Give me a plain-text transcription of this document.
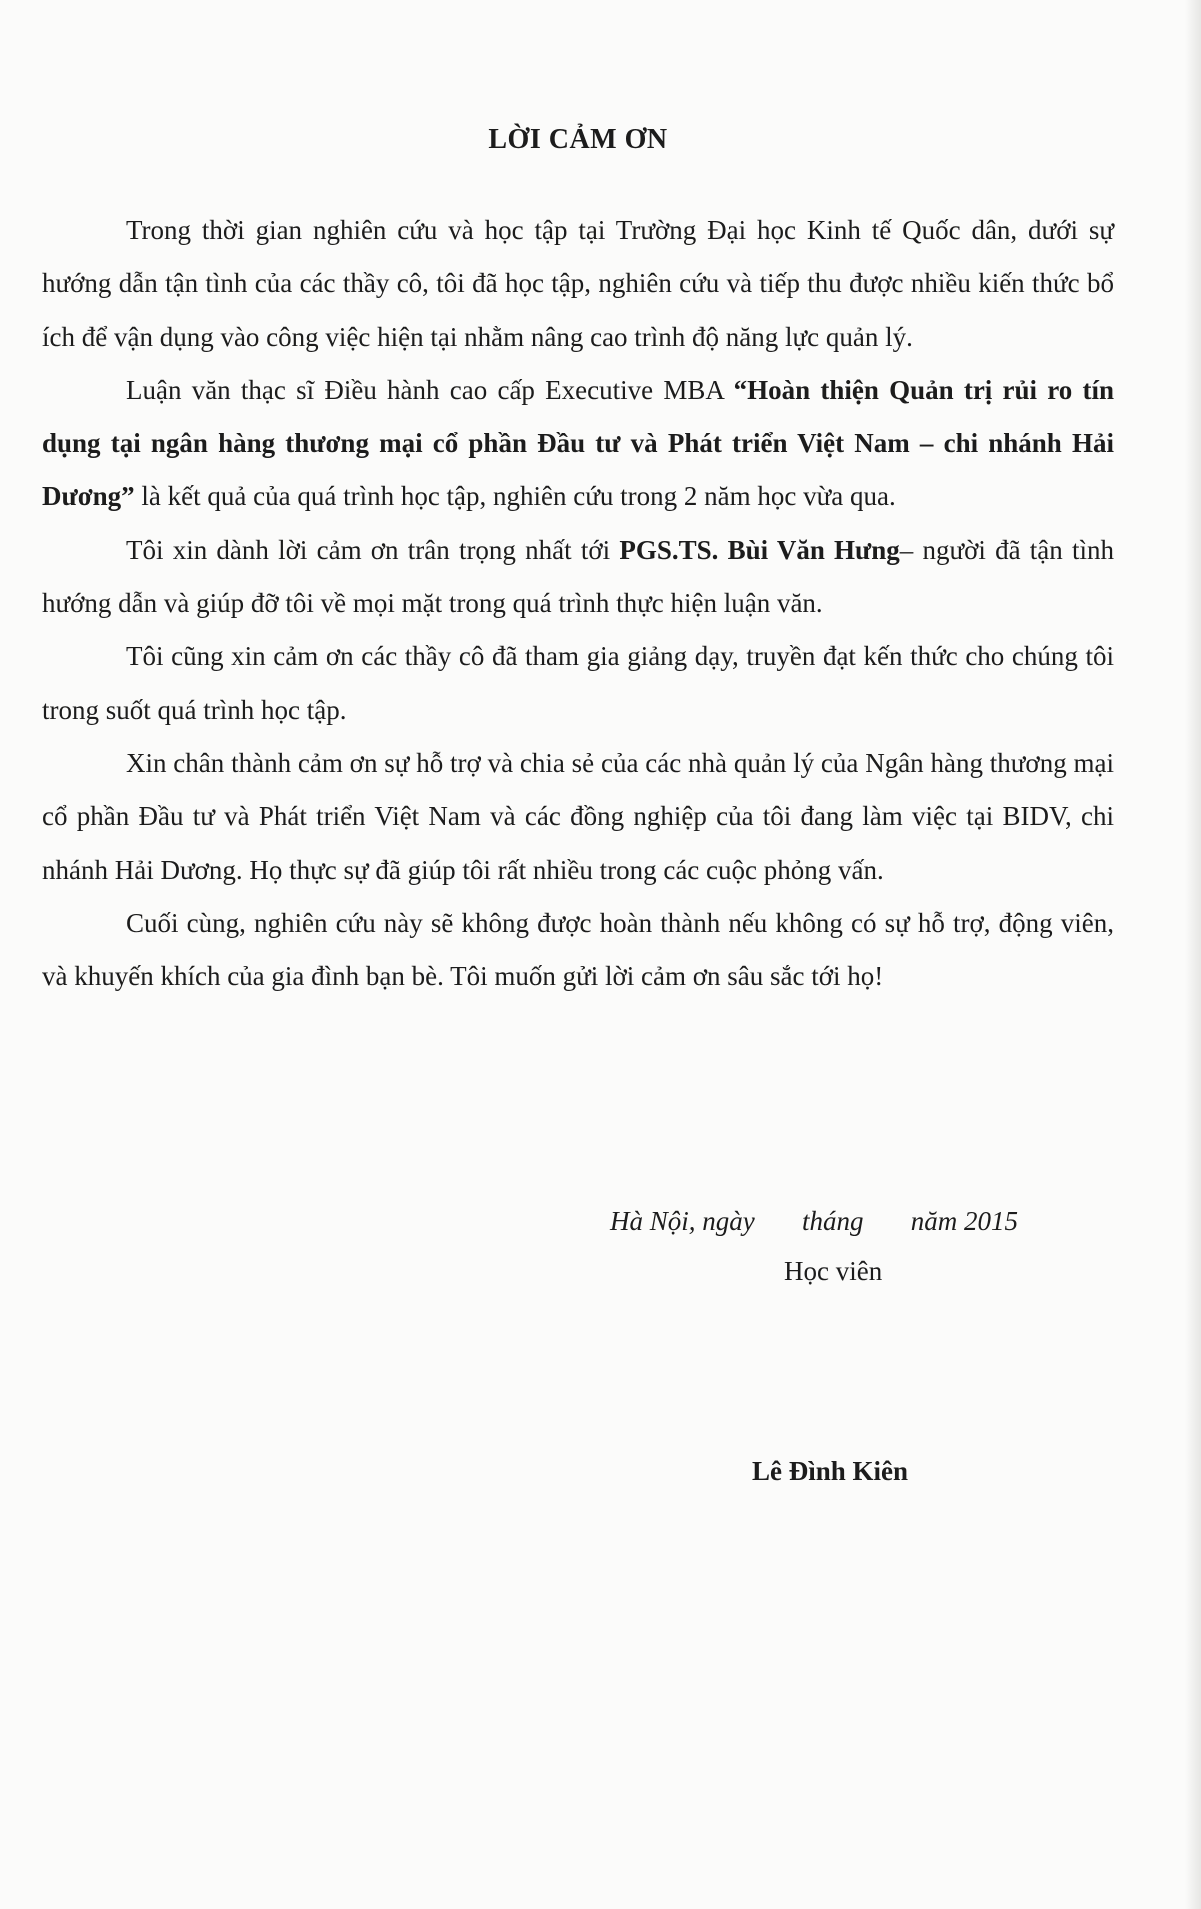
LỜI CẢM ƠN

Trong thời gian nghiên cứu và học tập tại Trường Đại học Kinh tế Quốc dân, dưới sự hướng dẫn tận tình của các thầy cô, tôi đã học tập, nghiên cứu và tiếp thu được nhiều kiến thức bổ ích để vận dụng vào công việc hiện tại nhằm nâng cao trình độ năng lực quản lý.

Luận văn thạc sĩ Điều hành cao cấp Executive MBA “Hoàn thiện Quản trị rủi ro tín dụng tại ngân hàng thương mại cổ phần Đầu tư và Phát triển Việt Nam – chi nhánh Hải Dương” là kết quả của quá trình học tập, nghiên cứu trong 2 năm học vừa qua.

Tôi xin dành lời cảm ơn trân trọng nhất tới PGS.TS. Bùi Văn Hưng– người đã tận tình hướng dẫn và giúp đỡ tôi về mọi mặt trong quá trình thực hiện luận văn.

Tôi cũng xin cảm ơn các thầy cô đã tham gia giảng dạy, truyền đạt kến thức cho chúng tôi trong suốt quá trình học tập.

Xin chân thành cảm ơn sự hỗ trợ và chia sẻ của các nhà quản lý của Ngân hàng thương mại cổ phần Đầu tư và Phát triển Việt Nam và các đồng nghiệp của tôi đang làm việc tại BIDV, chi nhánh Hải Dương. Họ thực sự đã giúp tôi rất nhiều trong các cuộc phỏng vấn.

Cuối cùng, nghiên cứu này sẽ không được hoàn thành nếu không có sự hỗ trợ, động viên, và khuyến khích của gia đình bạn bè. Tôi muốn gửi lời cảm ơn sâu sắc tới họ!

Hà Nội, ngày       tháng       năm 2015
Học viên
Lê Đình Kiên
